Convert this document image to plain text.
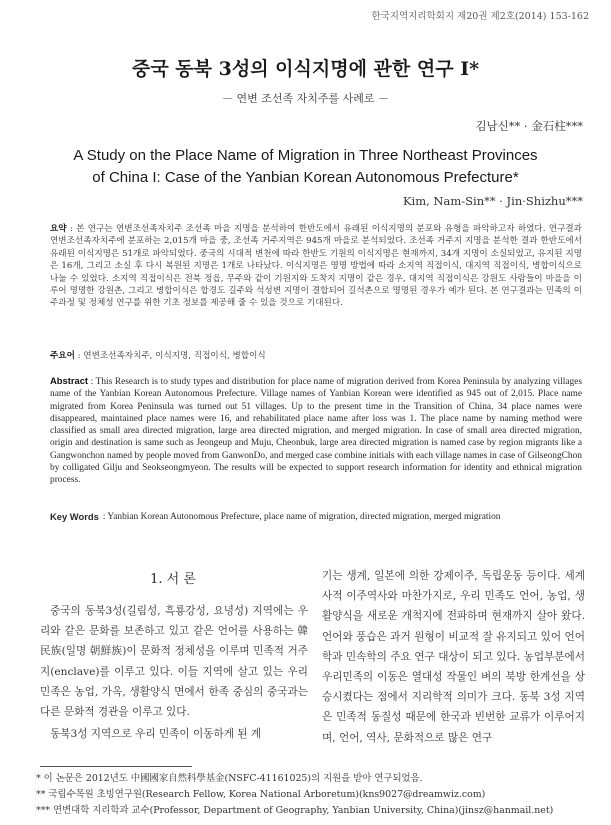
한국지역지리학회지 제20권 제2호(2014) 153-162
중국 동북 3성의 이식지명에 관한 연구 I*
－ 연변 조선족 자치주를 사례로 －
김남신** · 金石柱***
A Study on the Place Name of Migration in Three Northeast Provinces
of China I: Case of the Yanbian Korean Autonomous Prefecture*
Kim, Nam-Sin** · Jin·Shizhu***
요약 : 본 연구는 연변조선족자치주 조선족 마을 지명을 분석하여 한반도에서 유래된 이식지명의 분포와 유형을 파악하고자 하였다. 연구결과 연변조선족자치주에 분포하는 2,015개 마을 중, 조선족 거주지역은 945개 마을로 분석되었다. 조선족 거주지 지명을 분석한 결과 한반도에서 유래된 이식지명은 51개로 파악되었다. 중국의 시대적 변천에 따라 한반도 기원의 이식지명은 현재까지, 34개 지명이 소실되었고, 유지된 지명은 16개, 그리고 소실 후 다시 복원된 지명은 1개로 나타났다. 이식지명은 명명 방법에 따라 소지역 직접이식, 대지역 직접이식, 병합이식으로 나눌 수 있었다. 소지역 직접이식은 전북 정읍, 무주와 같이 기원지와 도착지 지명이 같은 경우, 대지역 직접이식은 강원도 사람들이 마을을 이루어 명명한 강원촌, 그리고 병합이식은 합경도 길주와 석성변 지명이 결합되어 길석촌으로 명명된 경우가 예가 된다. 본 연구결과는 민족의 이주과정 및 정체성 연구를 위한 기초 정보를 제공해 줄 수 있을 것으로 기대된다.
주요어 : 연변조선족자치주, 이식지명, 직접이식, 병합이식
Abstract : This Research is to study types and distribution for place name of migration derived from Korea Peninsula by analyzing villages name of the Yanbian Korean Autonomous Prefecture. Village names of Yanbian Korean were identified as 945 out of 2,015. Place name migrated from Korea Peninsula was turned out 51 villages. Up to the present time in the Transition of China, 34 place names were disappeared, maintained place names were 16, and rehabilitated place name after loss was 1. The place name by naming method were classified as small area directed migration, large area directed migration, and merged migration. In case of small area directed migration, origin and destination is same such as Jeongeup and Muju, Cheonbuk, large area directed migration is named case by region migrants like a Gangwonchon named by people moved from GanwonDo, and merged case combine initials with each village names in case of GilseongChon by colligated Gilju and Seokseongmyeon. The results will be expected to support research information for identity and ethnical migration process.
Key Words : Yanbian Korean Autonomous Prefecture, place name of migration, directed migration, merged migration
1. 서 론

중국의 동북3성(길림성, 흑룡강성, 요녕성) 지역에는 우리와 같은 문화를 보존하고 있고 같은 언어를 사용하는 韓民族(일명 朝鮮族)이 문화적 정체성을 이루며 민족적 거주지(enclave)를 이루고 있다. 이들 지역에 살고 있는 우리 민족은 농업, 가옥, 생활양식 면에서 한족 중심의 중국과는 다른 문화적 경관을 이루고 있다.

동북3성 지역으로 우리 민족이 이동하게 된 계

기는 생계, 일본에 의한 강제이주, 독립운동 등이다. 세계사적 이주역사와 마찬가지로, 우리 민족도 언어, 농업, 생활양식을 새로운 개척지에 전파하며 현재까지 살아 왔다. 언어와 풍습은 과거 원형이 비교적 잘 유지되고 있어 언어학과 민속학의 주요 연구 대상이 되고 있다. 농업부분에서 우리민족의 이동은 열대성 작물인 벼의 북방 한계선을 상승시켰다는 점에서 지리학적 의미가 크다. 동북 3성 지역은 민족적 동질성 때문에 한국과 빈번한 교류가 이루어지며, 언어, 역사, 문화적으로 많은 연구

* 이 논문은 2012년도 中國國家自然科學基金(NSFC-41161025)의 지원을 받아 연구되었음.
** 국립수목원 초빙연구원(Research Fellow, Korea National Arboretum)(kns9027@dreamwiz.com)
*** 연변대학 지리학과 교수(Professor, Department of Geography, Yanbian University, China)(jinsz@hanmail.net)
